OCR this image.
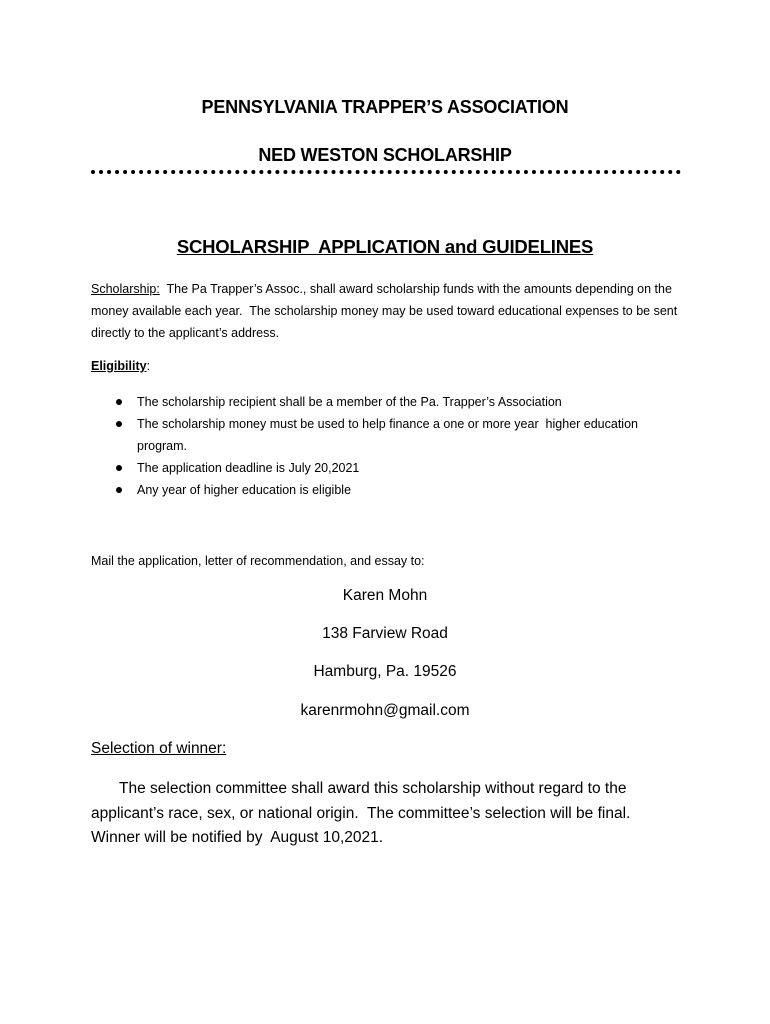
PENNSYLVANIA TRAPPER’S ASSOCIATION
NED WESTON SCHOLARSHIP
SCHOLARSHIP  APPLICATION and GUIDELINES
Scholarship:  The Pa Trapper’s Assoc., shall award scholarship funds with the amounts depending on the money available each year.  The scholarship money may be used toward educational expenses to be sent directly to the applicant’s address.
Eligibility:
The scholarship recipient shall be a member of the Pa. Trapper’s Association
The scholarship money must be used to help finance a one or more year  higher education program.
The application deadline is July 20,2021
Any year of higher education is eligible
Mail the application, letter of recommendation, and essay to:
Karen Mohn
138 Farview Road
Hamburg, Pa. 19526
karenrmohn@gmail.com
Selection of winner:
The selection committee shall award this scholarship without regard to the applicant’s race, sex, or national origin.  The committee’s selection will be final.  Winner will be notified by  August 10,2021.
